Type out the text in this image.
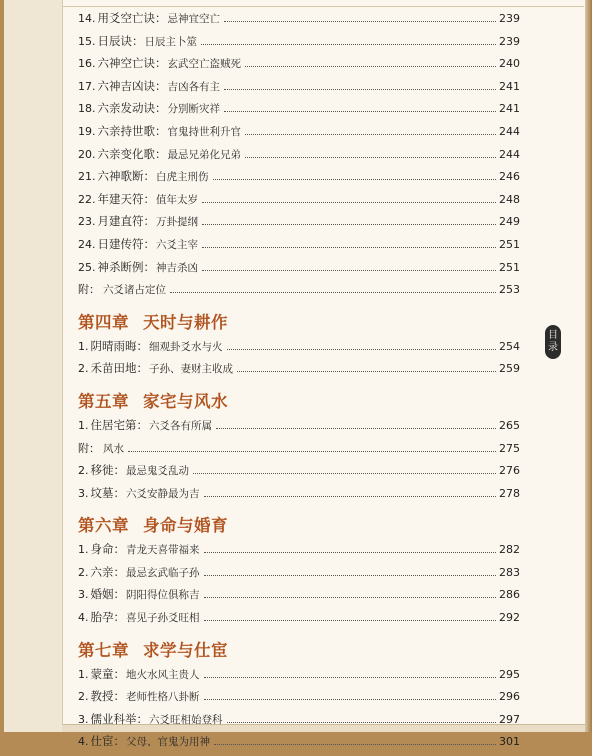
目
录
14. 用爻空亡诀： 忌神宜空亡	239
15. 日辰诀： 日辰主卜筮	239
16. 六神空亡诀： 玄武空亡盗贼死	240
17. 六神吉凶诀： 吉凶各有主	241
18. 六亲发动诀： 分别断灾祥	241
19. 六亲持世歌： 官鬼持世利升官	244
20. 六亲变化歌： 最忌兄弟化兄弟	244
21. 六神歌断： 白虎主刑伤	246
22. 年建天符： 值年太岁	248
23. 月建直符： 万卦提纲	249
24. 日建传符： 六爻主宰	251
25. 神杀断例： 神吉杀凶	251
附： 六爻诸占定位	253
第四章 天时与耕作
1. 阴晴雨晦： 细观卦爻水与火	254
2. 禾苗田地： 子孙、妻财主收成	259
第五章 家宅与风水
1. 住居宅第： 六爻各有所属	265
附： 风水	275
2. 移徙： 最忌鬼爻乱动	276
3. 坟墓： 六爻安静最为吉	278
第六章 身命与婚育
1. 身命： 青龙天喜带福来	282
2. 六亲： 最忌玄武临子孙	283
3. 婚姻： 阴阳得位俱称吉	286
4. 胎孕： 喜见子孙爻旺相	292
第七章 求学与仕宦
1. 蒙童： 地火水风主贵人	295
2. 教授： 老师性格八卦断	296
3. 儒业科举： 六爻旺相始登科	297
4. 仕宦： 父母、官鬼为用神	301
